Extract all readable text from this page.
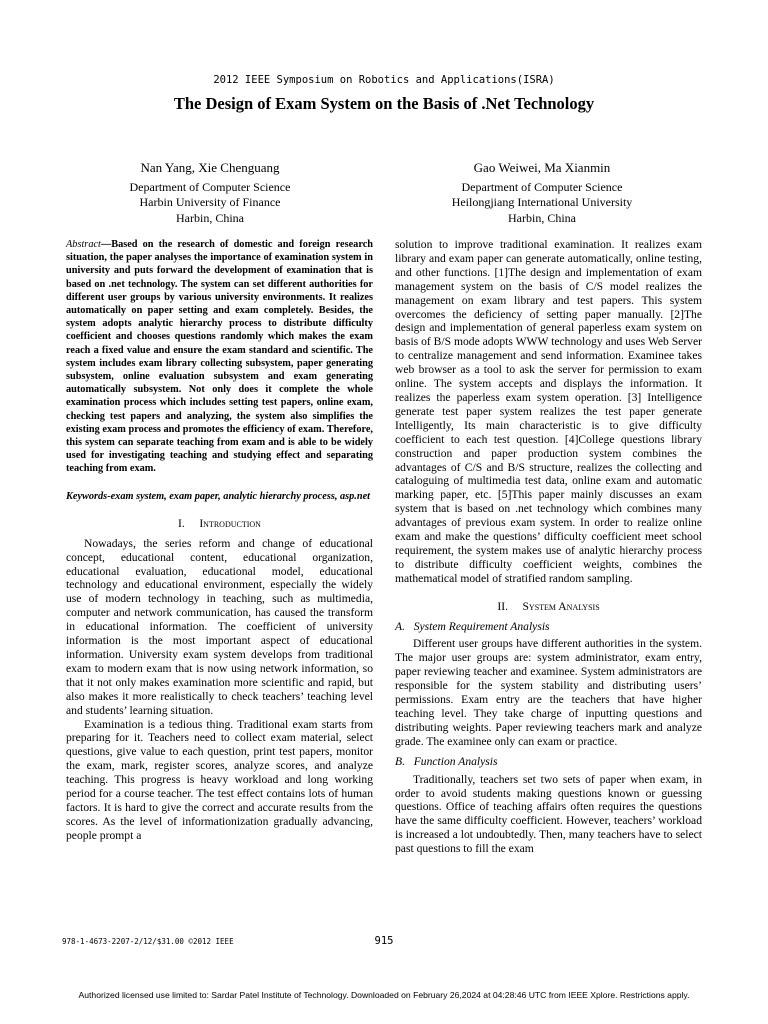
2012 IEEE Symposium on Robotics and Applications(ISRA)
The Design of Exam System on the Basis of .Net Technology
Nan Yang, Xie Chenguang
Department of Computer Science
Harbin University of Finance
Harbin, China
Gao Weiwei, Ma Xianmin
Department of Computer Science
Heilongjiang International University
Harbin, China

Abstract—Based on the research of domestic and foreign research situation, the paper analyses the importance of examination system in university and puts forward the development of examination that is based on .net technology. The system can set different authorities for different user groups by various university environments. It realizes automatically on paper setting and exam completely. Besides, the system adopts analytic hierarchy process to distribute difficulty coefficient and chooses questions randomly which makes the exam reach a fixed value and ensure the exam standard and scientific. The system includes exam library collecting subsystem, paper generating subsystem, online evaluation subsystem and exam generating automatically subsystem. Not only does it complete the whole examination process which includes setting test papers, online exam, checking test papers and analyzing, the system also simplifies the existing exam process and promotes the efficiency of exam. Therefore, this system can separate teaching from exam and is able to be widely used for investigating teaching and studying effect and separating teaching from exam.

Keywords-exam system, exam paper, analytic hierarchy process, asp.net

I. Introduction

Nowadays, the series reform and change of educational concept, educational content, educational organization, educational evaluation, educational model, educational technology and educational environment, especially the widely use of modern technology in teaching, such as multimedia, computer and network communication, has caused the transform in educational information. The coefficient of university information is the most important aspect of educational information. University exam system develops from traditional exam to modern exam that is now using network information, so that it not only makes examination more scientific and rapid, but also makes it more realistically to check teachers’ teaching level and students’ learning situation.

Examination is a tedious thing. Traditional exam starts from preparing for it. Teachers need to collect exam material, select questions, give value to each question, print test papers, monitor the exam, mark, register scores, analyze scores, and analyze teaching. This progress is heavy workload and long working period for a course teacher. The test effect contains lots of human factors. It is hard to give the correct and accurate results from the scores. As the level of informationization gradually advancing, people prompt a

solution to improve traditional examination. It realizes exam library and exam paper can generate automatically, online testing, and other functions. [1]The design and implementation of exam management system on the basis of C/S model realizes the management on exam library and test papers. This system overcomes the deficiency of setting paper manually. [2]The design and implementation of general paperless exam system on basis of B/S mode adopts WWW technology and uses Web Server to centralize management and send information. Examinee takes web browser as a tool to ask the server for permission to exam online. The system accepts and displays the information. It realizes the paperless exam system operation. [3] Intelligence generate test paper system realizes the test paper generate Intelligently, Its main characteristic is to give difficulty coefficient to each test question. [4]College questions library construction and paper production system combines the advantages of C/S and B/S structure, realizes the collecting and cataloguing of multimedia test data, online exam and automatic marking paper, etc. [5]This paper mainly discusses an exam system that is based on .net technology which combines many advantages of previous exam system. In order to realize online exam and make the questions’ difficulty coefficient meet school requirement, the system makes use of analytic hierarchy process to distribute difficulty coefficient weights, combines the mathematical model of stratified random sampling.

II. System Analysis

A. System Requirement Analysis

Different user groups have different authorities in the system. The major user groups are: system administrator, exam entry, paper reviewing teacher and examinee. System administrators are responsible for the system stability and distributing users’ permissions. Exam entry are the teachers that have higher teaching level. They take charge of inputting questions and distributing weights. Paper reviewing teachers mark and analyze grade. The examinee only can exam or practice.

B. Function Analysis

Traditionally, teachers set two sets of paper when exam, in order to avoid students making questions known or guessing questions. Office of teaching affairs often requires the questions have the same difficulty coefficient. However, teachers’ workload is increased a lot undoubtedly. Then, many teachers have to select past questions to fill the exam

978-1-4673-2207-2/12/$31.00 ©2012 IEEE	915
Authorized licensed use limited to: Sardar Patel Institute of Technology. Downloaded on February 26,2024 at 04:28:46 UTC from IEEE Xplore. Restrictions apply.
